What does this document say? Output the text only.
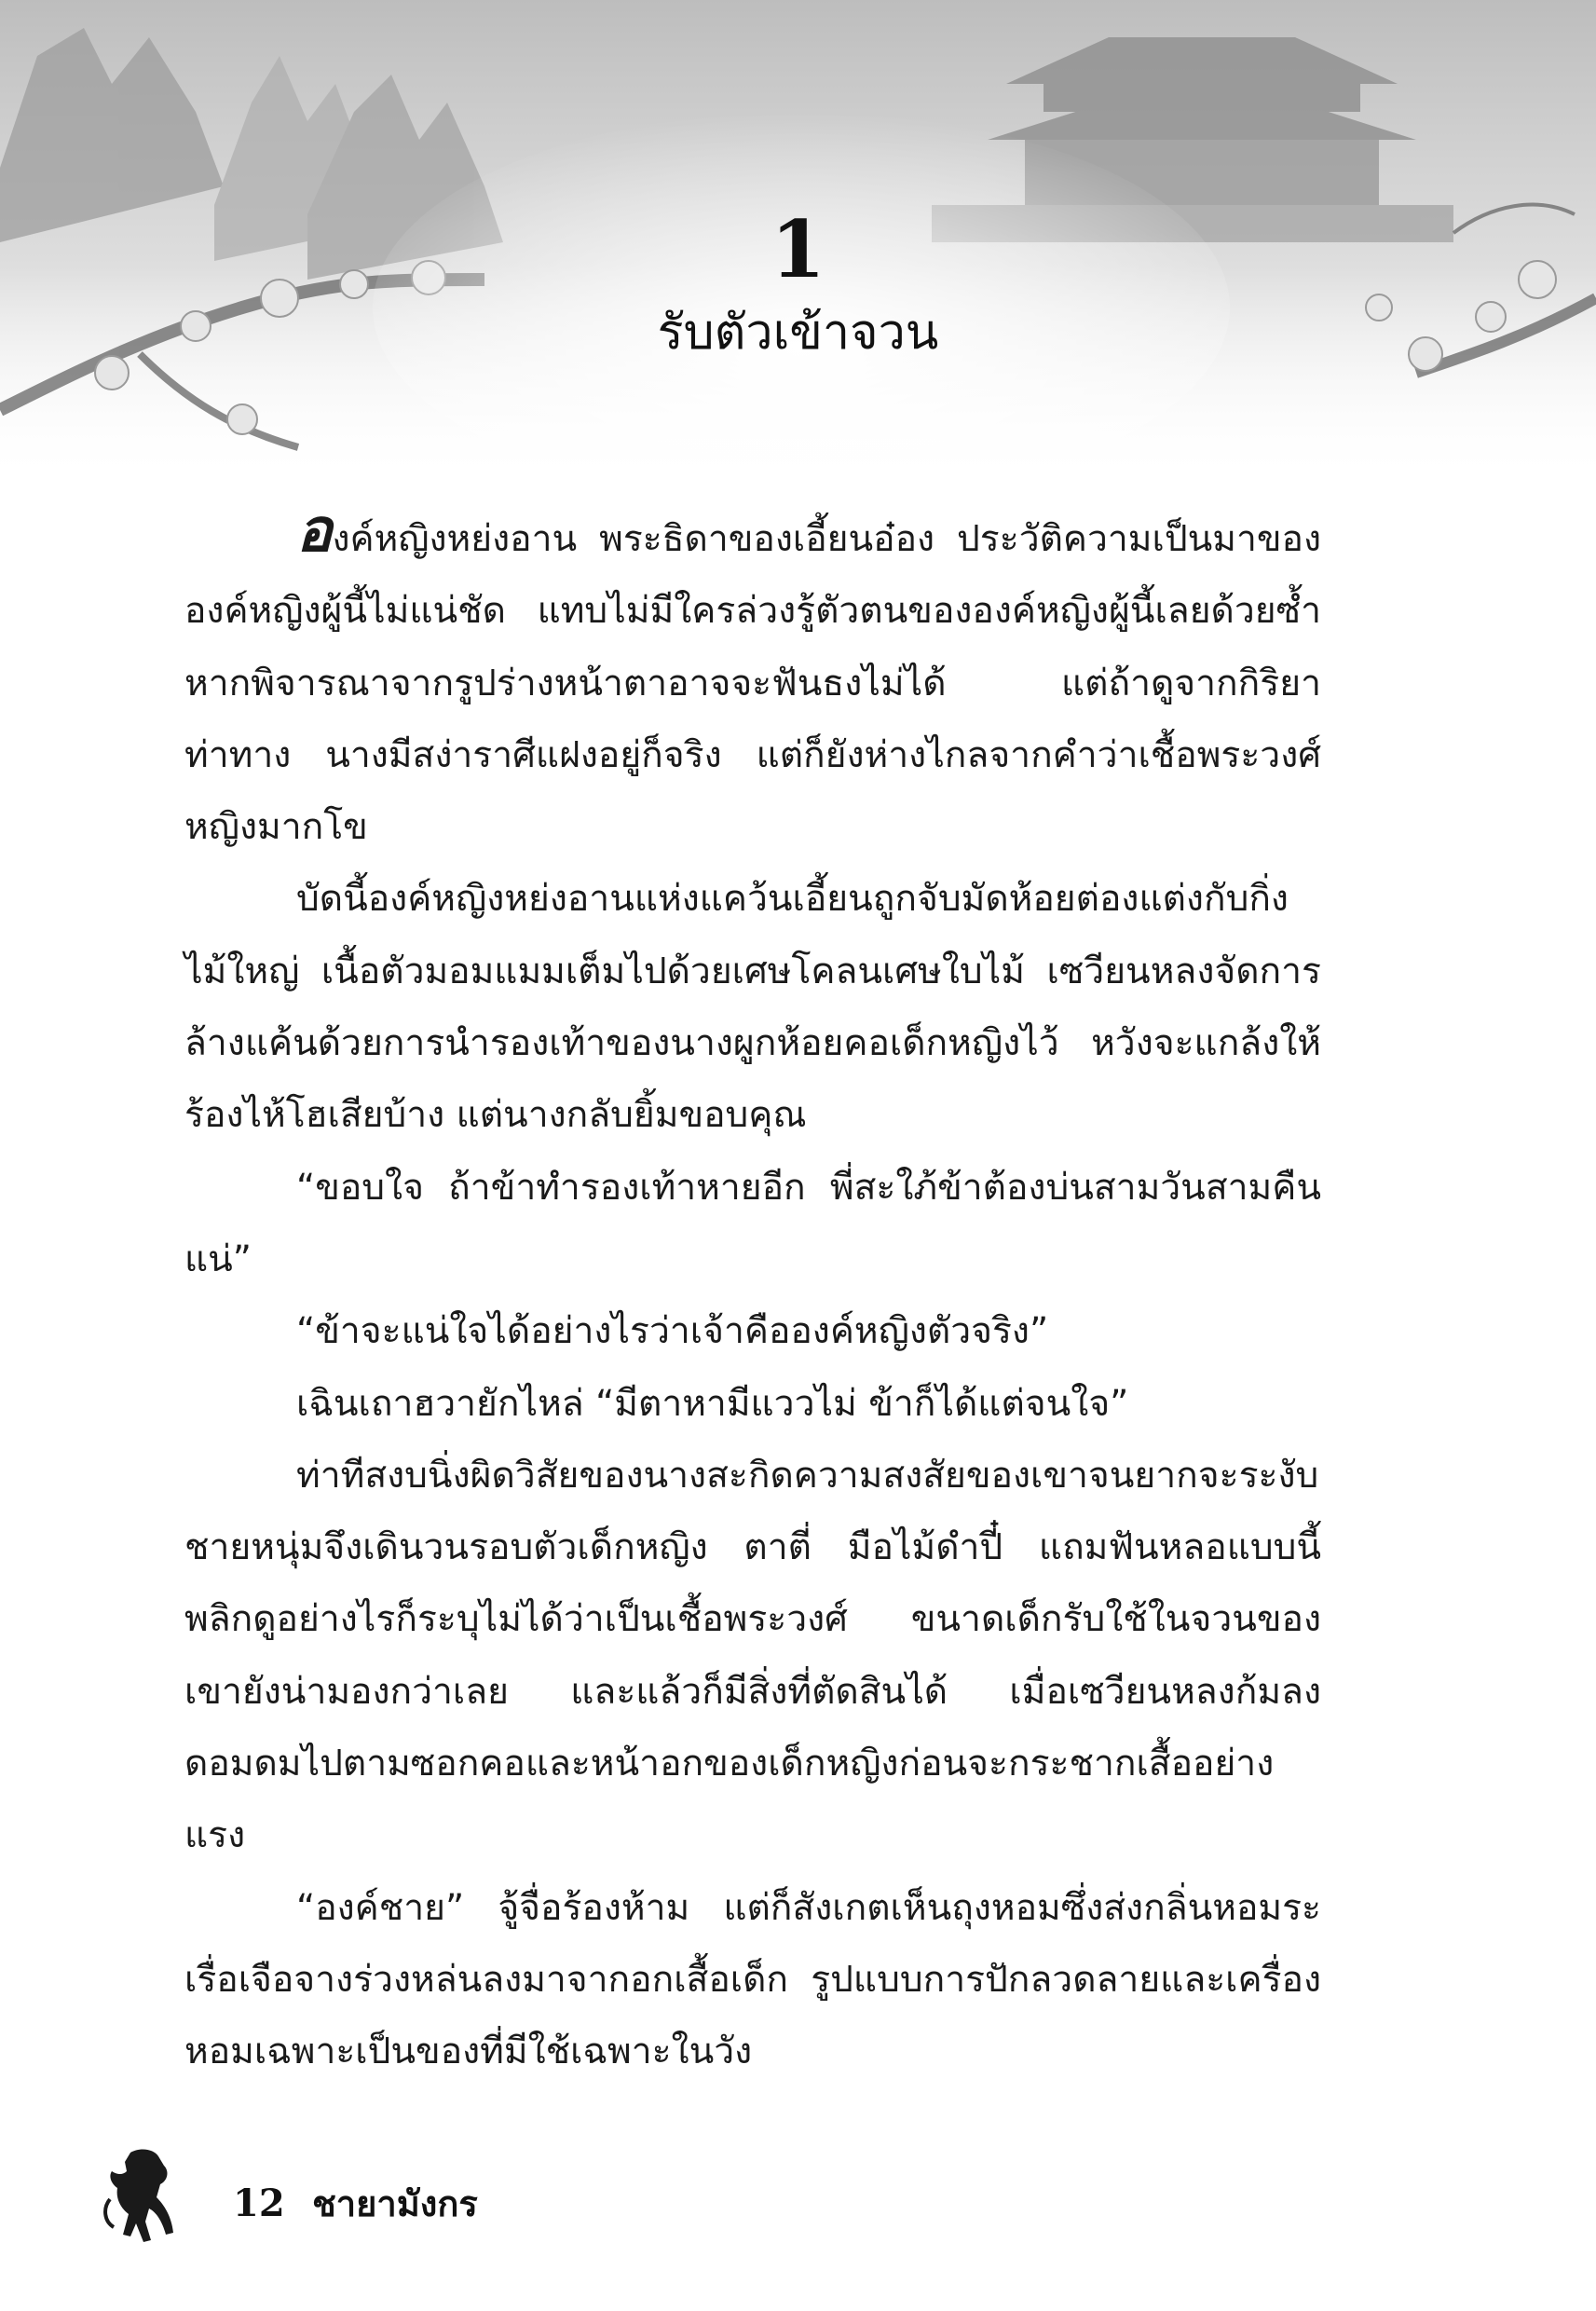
1
รับตัวเข้าจวน

องค์หญิงหย่งอาน พระธิดาของเอี้ยนอ๋อง ประวัติความเป็นมาขององค์หญิงผู้นี้ไม่แน่ชัด แทบไม่มีใครล่วงรู้ตัวตนขององค์หญิงผู้นี้เลยด้วยซ้ำ หากพิจารณาจากรูปร่างหน้าตาอาจจะฟันธงไม่ได้ แต่ถ้าดูจากกิริยาท่าทาง นางมีสง่าราศีแฝงอยู่ก็จริง แต่ก็ยังห่างไกลจากคำว่าเชื้อพระวงศ์หญิงมากโข

บัดนี้องค์หญิงหย่งอานแห่งแคว้นเอี้ยนถูกจับมัดห้อยต่องแต่งกับกิ่งไม้ใหญ่ เนื้อตัวมอมแมมเต็มไปด้วยเศษโคลนเศษใบไม้ เซวียนหลงจัดการล้างแค้นด้วยการนำรองเท้าของนางผูกห้อยคอเด็กหญิงไว้ หวังจะแกล้งให้ร้องไห้โฮเสียบ้าง แต่นางกลับยิ้มขอบคุณ

“ขอบใจ ถ้าข้าทำรองเท้าหายอีก พี่สะใภ้ข้าต้องบ่นสามวันสามคืนแน่”

“ข้าจะแน่ใจได้อย่างไรว่าเจ้าคือองค์หญิงตัวจริง”

เฉินเถาฮวายักไหล่ “มีตาหามีแววไม่ ข้าก็ได้แต่จนใจ”

ท่าทีสงบนิ่งผิดวิสัยของนางสะกิดความสงสัยของเขาจนยากจะระงับ ชายหนุ่มจึงเดินวนรอบตัวเด็กหญิง ตาตี่ มือไม้ดำปี๋ แถมฟันหลอแบบนี้ พลิกดูอย่างไรก็ระบุไม่ได้ว่าเป็นเชื้อพระวงศ์ ขนาดเด็กรับใช้ในจวนของเขายังน่ามองกว่าเลย และแล้วก็มีสิ่งที่ตัดสินได้ เมื่อเซวียนหลงก้มลงดอมดมไปตามซอกคอและหน้าอกของเด็กหญิงก่อนจะกระชากเสื้ออย่างแรง

“องค์ชาย” จู้จื่อร้องห้าม แต่ก็สังเกตเห็นถุงหอมซึ่งส่งกลิ่นหอมระเรื่อเจือจางร่วงหล่นลงมาจากอกเสื้อเด็ก รูปแบบการปักลวดลายและเครื่องหอมเฉพาะเป็นของที่มีใช้เฉพาะในวัง

12 ชายามังกร
